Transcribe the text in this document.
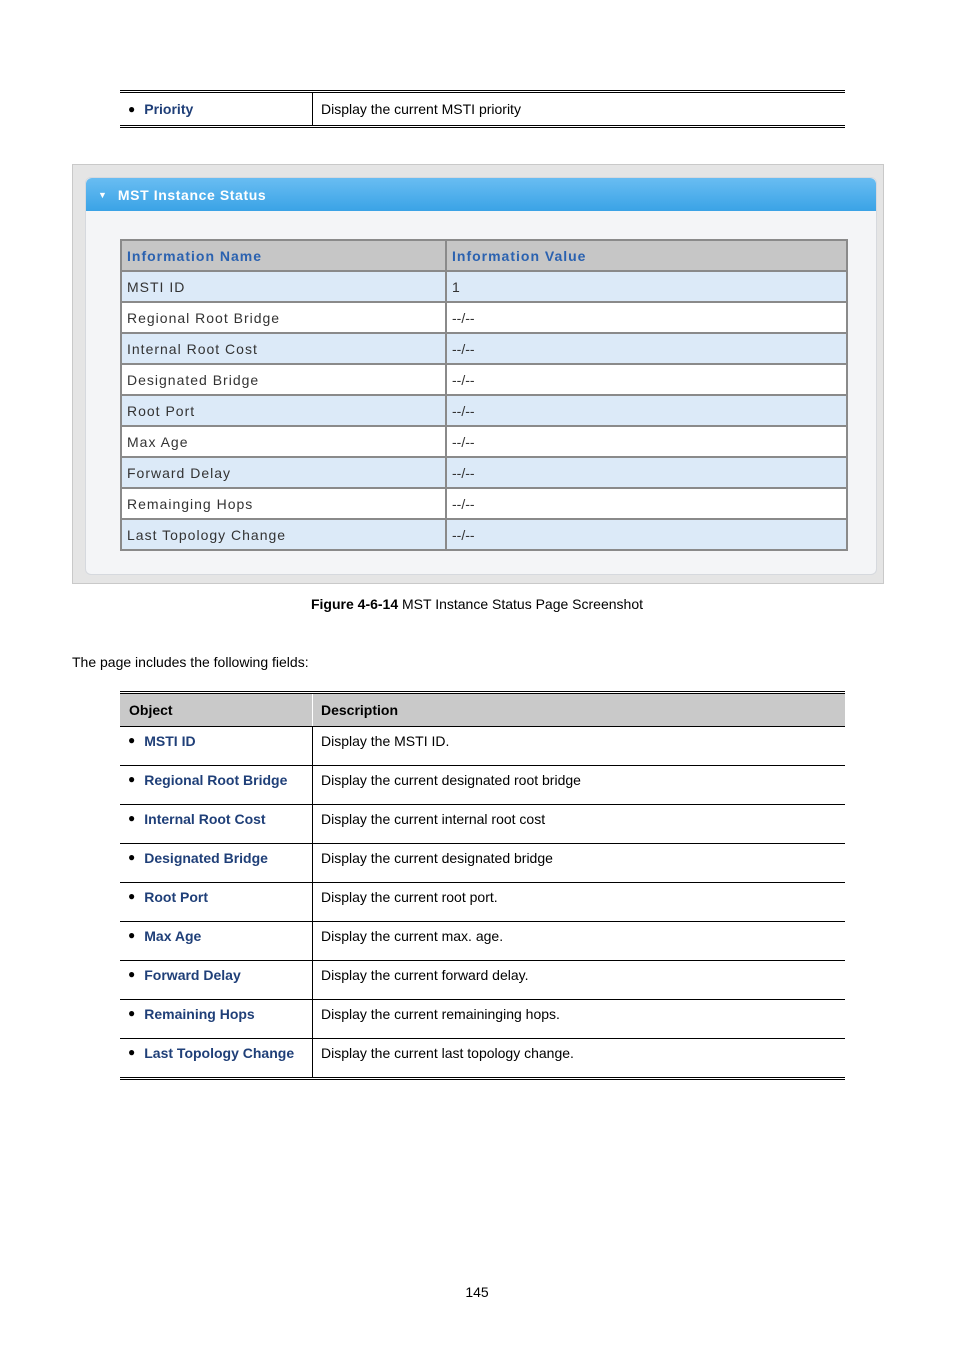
● Priority	Display the current MSTI priority
▼ MST Instance Status
Information Name	Information Value
MSTI ID	1
Regional Root Bridge	--/--
Internal Root Cost	--/--
Designated Bridge	--/--
Root Port	--/--
Max Age	--/--
Forward Delay	--/--
Remainging Hops	--/--
Last Topology Change	--/--
Figure 4-6-14 MST Instance Status Page Screenshot
The page includes the following fields:
Object	Description
● MSTI ID	Display the MSTI ID.
● Regional Root Bridge	Display the current designated root bridge
● Internal Root Cost	Display the current internal root cost
● Designated Bridge	Display the current designated bridge
● Root Port	Display the current root port.
● Max Age	Display the current max. age.
● Forward Delay	Display the current forward delay.
● Remaining Hops	Display the current remaininging hops.
● Last Topology Change	Display the current last topology change.
145
